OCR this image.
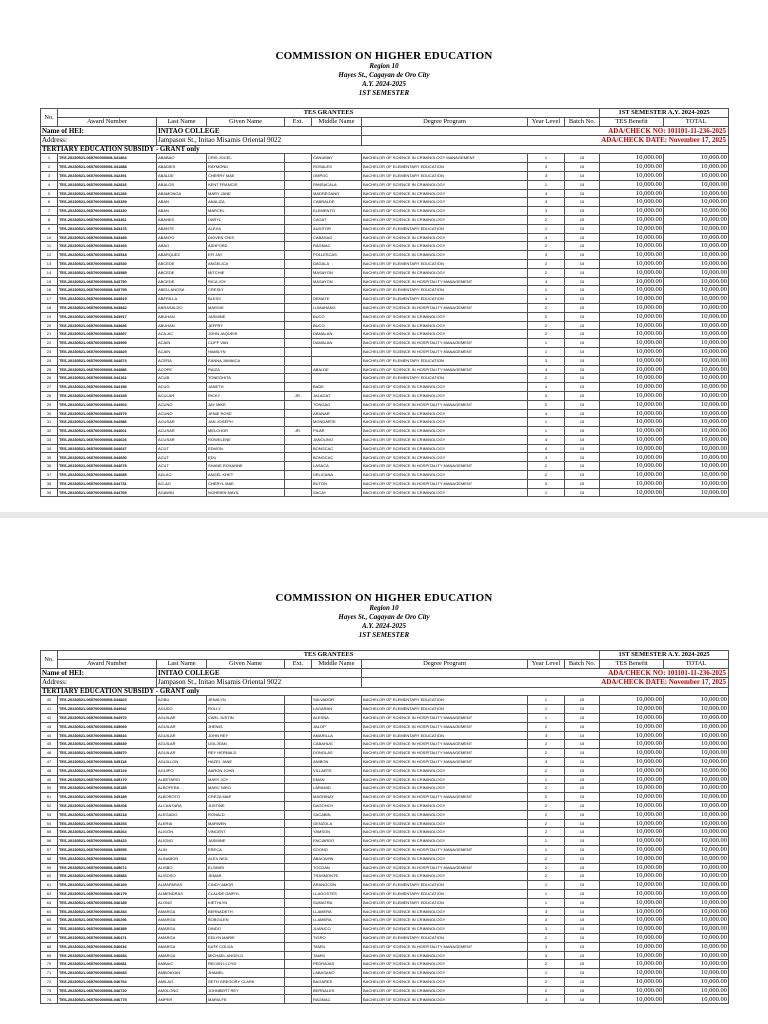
COMMISSION ON HIGHER EDUCATION
Region 10
Hayes St., Cagayan de Oro City
A.Y. 2024-2025
1ST SEMESTER
Name of HEI:		INITAO COLLEGE				ADA/CHECK NO: 101101-11-236-2025				
Address:		Jampason St., Initao Misamis Oriental 9022				ADA/CHECK DATE: November 17, 2025				
TERTIARY EDUCATION SUBSIDY - GRANT only										
No.	TES GRANTEES								1ST SEMESTER A.Y. 2024-2025	
	Award Number	Last Name	Given Name	Ext.	Middle Name	Degree Program	Year Level	Batch No.	TES Benefit	TOTAL
1	TES-20230521-065700000008-041864	ABABAO	CRIS JOCEL		CANUMAY	BACHELOR OF SCIENCE IN CRIMINOLOGY MANAGEMENT	1	15	10,000.00	10,000.00
2	TES-20230521-065700000008-041888	ABADIES	RAYMOND		ROSALES	BACHELOR OF ELEMENTARY EDUCATION	3	15	10,000.00	10,000.00
3	TES-20230521-065700000008-042391	ABALDE	CHERRY MAE		OMPOC	BACHELOR OF ELEMENTARY EDUCATION	3	15	10,000.00	10,000.00
4	TES-20230521-065700000008-042816	ABALOS	KENT FRANCIS		PANSACALA	BACHELOR OF SCIENCE IN CRIMINOLOGY	1	15	10,000.00	10,000.00
5	TES-20230521-065700000008-041283	ABAMONGA	MARY JANE		MADREGANO	BACHELOR OF SCIENCE IN CRIMINOLOGY	4	15	10,000.00	10,000.00
6	TES-20230521-065700000008-043339	ABAN	ANALIZA		CABRALDE	BACHELOR OF SCIENCE IN CRIMINOLOGY	3	15	10,000.00	10,000.00
7	TES-20230521-065700000008-043430	ABAN	MARCEL		ELEMENTO	BACHELOR OF SCIENCE IN CRIMINOLOGY	3	15	10,000.00	10,000.00
8	TES-20230521-065700000008-043461	ABANES	DARYL		CAGAT	BACHELOR OF SCIENCE IN CRIMINOLOGY	2	15	10,000.00	10,000.00
9	TES-20230521-065700000008-043476	ABANTE	ALEXA		AUDITOR	BACHELOR OF ELEMENTARY EDUCATION	1	15	10,000.00	10,000.00
10	TES-20230521-065700000008-043489	ABANTO	DIOVEN CRIS		CABASAG	BACHELOR OF SCIENCE IN CRIMINOLOGY	3	15	10,000.00	10,000.00
11	TES-20230521-065700000008-043493	ABAO	ASHFORD		RAGMAC	BACHELOR OF SCIENCE IN CRIMINOLOGY	2	15	10,000.00	10,000.00
12	TES-20230521-065700000008-043518	ABARQUEZ	EFI JAY		POLLESCAS	BACHELOR OF SCIENCE IN CRIMINOLOGY	3	15	10,000.00	10,000.00
13	TES-20230521-065700000008-043530	ABCEDE	ANGELICA		DAGALA	BACHELOR OF ELEMENTARY EDUCATION	2	15	10,000.00	10,000.00
14	TES-20230521-065700000008-043589	ABCEDE	MITCHIE		MASAYON	BACHELOR OF SCIENCE IN CRIMINOLOGY	2	15	10,000.00	10,000.00
15	TES-20230521-065700000008-043750	ABCEDE	RICA JOY		MASAYON	BACHELOR OF SCIENCE IN HOSPITALITY MANAGEMENT	4	15	10,000.00	10,000.00
16	TES-20230521-065700000008-043795	ABELLANOSA	CRESLY			BACHELOR OF ELEMENTARY EDUCATION	1	15	10,000.00	10,000.00
17	TES-20230521-065700000008-043819	ABERILLA	BLESS		DEMATE	BACHELOR OF ELEMENTARY EDUCATION	4	15	10,000.00	10,000.00
18	TES-20230521-065700000008-043842	ABRASALDO	MARGIE		LUMAHANG	BACHELOR OF SCIENCE IN HOSPITALITY MANAGEMENT	2	15	10,000.00	10,000.00
19	TES-20230521-065700000008-043917	ABUHAN	JASMINE		BUCO	BACHELOR OF SCIENCE IN CRIMINOLOGY	2	15	10,000.00	10,000.00
20	TES-20230521-065700000008-043836	ABUHAN	JEFFRY		BUCO	BACHELOR OF SCIENCE IN CRIMINOLOGY	2	15	10,000.00	10,000.00
21	TES-20230521-065700000008-043897	ACA-AC	JOHN JAQUEHI		DAMALAN	BACHELOR OF SCIENCE IN CRIMINOLOGY	2	15	10,000.00	10,000.00
22	TES-20230521-065700000008-043995	ACAIN	CLIFF VAN		DAMALAN	BACHELOR OF SCIENCE IN HOSPITALITY MANAGEMENT	1	15	10,000.00	10,000.00
23	TES-20230521-065700000008-044825	ACAIN	HAMILYN			BACHELOR OF SCIENCE IN HOSPITALITY MANAGEMENT	1	15	10,000.00	10,000.00
24	TES-20230521-065700000008-044874	ACERA	EANNA JAMAICA			BACHELOR OF ELEMENTARY EDUCATION	3	15	10,000.00	10,000.00
25	TES-20230521-065700000008-044886	ACOPE	RAIZA		ABALDE	BACHELOR OF SCIENCE IN HOSPITALITY MANAGEMENT	4	15	10,000.00	10,000.00
26	TES-20230521-065700000008-044162	ACUB	TONEGHITA			BACHELOR OF ELEMENTARY EDUCATION	2	15	10,000.00	10,000.00
27	TES-20230521-065700000008-044156	ACUG	JANETH		BADE	BACHELOR OF SCIENCE IN CRIMINOLOGY	4	15	10,000.00	10,000.00
28	TES-20230521-065700000008-044345	ACULAN	RICKY	JR.	JALAGAT	BACHELOR OF SCIENCE IN CRIMINOLOGY	3	15	10,000.00	10,000.00
29	TES-20230521-065700000008-044503	ACUNO	JAY MIKE		TONGAO	BACHELOR OF SCIENCE IN HOSPITALITY MANAGEMENT	2	15	10,000.00	10,000.00
30	TES-20230521-065700000008-044579	ACUNO	JENIE ROSE		ARANAR	BACHELOR OF SCIENCE IN CRIMINOLOGY	4	15	10,000.00	10,000.00
31	TES-20230521-065700000008-044586	ACUSAR	JAN JOSEPH		MONDARTE	BACHELOR OF SCIENCE IN CRIMINOLOGY	1	15	10,000.00	10,000.00
32	TES-20230521-065700000008-044601	ACUSAR	MELCHOR	JR.	PILAR	BACHELOR OF SCIENCE IN CRIMINOLOGY	1	15	10,000.00	10,000.00
33	TES-20230521-065700000008-044626	ACUSAR	ROWELENE		JANOLINO	BACHELOR OF SCIENCE IN CRIMINOLOGY	4	15	10,000.00	10,000.00
34	TES-20230521-065700000008-044647	ACUT	EDMON		BONGCAC	BACHELOR OF SCIENCE IN CRIMINOLOGY	4	15	10,000.00	10,000.00
35	TES-20230521-065700000008-044650	ACUT	EDU		BONGCAC	BACHELOR OF SCIENCE IN CRIMINOLOGY	3	15	10,000.00	10,000.00
36	TES-20230521-065700000008-044678	ACUT	SHANE ROXANNE		LASACA	BACHELOR OF SCIENCE IN HOSPITALITY MANAGEMENT	2	15	10,000.00	10,000.00
37	TES-20230521-065700000008-044685	ADLAO	ANGEL KHET		DELICANA	BACHELOR OF SCIENCE IN CRIMINOLOGY	2	15	10,000.00	10,000.00
38	TES-20230521-065700000008-044731	AG-AG	CHERYL MAE		BUTON	BACHELOR OF SCIENCE IN HOSPITALITY MANAGEMENT	3	15	10,000.00	10,000.00
39	TES-20230521-065700000008-044765	AGAWIN	NOHRIEN MAYIL		SACAY	BACHELOR OF SCIENCE IN CRIMINOLOGY	1	15	10,000.00	10,000.00
COMMISSION ON HIGHER EDUCATION
Region 10
Hayes St., Cagayan de Oro City
A.Y. 2024-2025
1ST SEMESTER
Name of HEI:		INITAO COLLEGE				ADA/CHECK NO: 101101-11-236-2025				
Address:		Jampason St., Initao Misamis Oriental 9022				ADA/CHECK DATE: November 17, 2025				
TERTIARY EDUCATION SUBSIDY - GRANT only										
No.	TES GRANTEES								1ST SEMESTER A.Y. 2024-2025	
	Award Number	Last Name	Given Name	Ext.	Middle Name	Degree Program	Year Level	Batch No.	TES Benefit	TOTAL
40	TES-20230521-065700000008-044823	AGBU	JENALYN		SALVADOR	BACHELOR OF ELEMENTARY EDUCATION	1	15	10,000.00	10,000.00
41	TES-20230521-065700000008-044942	AGUDO	ROLLY		LAGARAN	BACHELOR OF ELEMENTARY EDUCATION	1	15	10,000.00	10,000.00
42	TES-20230521-065700000008-044970	AGUILAR	CARL JUSTIN		ALESNA	BACHELOR OF SCIENCE IN HOSPITALITY MANAGEMENT	1	15	10,000.00	10,000.00
43	TES-20230521-065700000008-045069	AGUILAR	JHENEL		JALOP	BACHELOR OF SCIENCE IN HOSPITALITY MANAGEMENT	2	15	10,000.00	10,000.00
44	TES-20230521-065700000008-045816	AGUILAR	JOHN REY		AMARILLA	BACHELOR OF ELEMENTARY EDUCATION	3	15	10,000.00	10,000.00
45	TES-20230521-065700000008-045839	AGUILAR	LEA JEAN		CABAHUG	BACHELOR OF SCIENCE IN HOSPITALITY MANAGEMENT	2	15	10,000.00	10,000.00
46	TES-20230521-065700000008-045870	AGUILAR	REY HERNALD		DONGLAS	BACHELOR OF SCIENCE IN HOSPITALITY MANAGEMENT	2	15	10,000.00	10,000.00
47	TES-20230521-065700000008-045118	AGUILLON	HAZEL JANE		ANIBON	BACHELOR OF SCIENCE IN HOSPITALITY MANAGEMENT	3	15	10,000.00	10,000.00
48	TES-20230521-065700000008-045129	AGUIPO	AARON JOHN		VILLARTE	BACHELOR OF SCIENCE IN CRIMINOLOGY	2	15	10,000.00	10,000.00
49	TES-20230521-065700000008-045170	ALBETARIO	MARY JOY		EMAN	BACHELOR OF SCIENCE IN CRIMINOLOGY	1	15	10,000.00	10,000.00
50	TES-20230521-065700000008-045185	ALBOFERA	MARC NIRO		LARAMID	BACHELOR OF SCIENCE IN CRIMINOLOGY	2	15	10,000.00	10,000.00
51	TES-20230521-065700000008-045189	ALBOROTO	CREZA MAE		MAGHINAY	BACHELOR OF SCIENCE IN HOSPITALITY MANAGEMENT	2	15	10,000.00	10,000.00
52	TES-20230521-065700000008-045208	ALCANTARA	JUSTINE		DAGOHOY	BACHELOR OF SCIENCE IN CRIMINOLOGY	2	15	10,000.00	10,000.00
53	TES-20230521-065700000008-045218	ALEGADO	RONALD		SACABIN	BACHELOR OF SCIENCE IN CRIMINOLOGY	2	15	10,000.00	10,000.00
54	TES-20230521-065700000008-045253	ALERIA	MARWEN		GENZOLA	BACHELOR OF SCIENCE IN CRIMINOLOGY	2	15	10,000.00	10,000.00
55	TES-20230521-065700000008-045264	ALIGON	VINCENT		YAMSON	BACHELOR OF SCIENCE IN CRIMINOLOGY	2	15	10,000.00	10,000.00
56	TES-20230521-065700000008-045423	ALIGNO	JASMINE		ENCIARDO	BACHELOR OF SCIENCE IN CRIMINOLOGY	1	15	10,000.00	10,000.00
57	TES-20230521-065700000008-045555	ALIN	ERECA		SOONG	BACHELOR OF SCIENCE IN HOSPITALITY MANAGEMENT	1	15	10,000.00	10,000.00
58	TES-20230521-065700000008-045583	ALINABON	ALEX NEIL		ABACAHIN	BACHELOR OF SCIENCE IN CRIMINOLOGY	2	15	10,000.00	10,000.00
59	TES-20230521-065700000008-045672	ALISBO	ELSMIRI		TOCDAN	BACHELOR OF SCIENCE IN HOSPITALITY MANAGEMENT	2	15	10,000.00	10,000.00
60	TES-20230521-065700000008-045883	ALISOSO	JEMAR		TRASMONTE	BACHELOR OF SCIENCE IN CRIMINOLOGY	2	15	10,000.00	10,000.00
61	TES-20230521-065700000008-046169	ALMAPARAS	CINDY AMOR		ARANGCON	BACHELOR OF ELEMENTARY EDUCATION	1	15	10,000.00	10,000.00
62	TES-20230521-065700000008-046179	ALMENDRAS	CLAUDE DAIRYL		LLAGOSTES	BACHELOR OF ELEMENTARY EDUCATION	1	15	10,000.00	10,000.00
63	TES-20230521-065700000008-046189	ALONG	KIETHLYN		SUMATRA	BACHELOR OF ELEMENTARY EDUCATION	1	15	10,000.00	10,000.00
64	TES-20230521-065700000008-046284	AMARGA	BERNADETH		LLAMERA	BACHELOR OF SCIENCE IN CRIMINOLOGY	3	15	10,000.00	10,000.00
65	TES-20230521-065700000008-046296	AMARGA	BOBGILEN		LLAMERA	BACHELOR OF SCIENCE IN CRIMINOLOGY	3	15	10,000.00	10,000.00
66	TES-20230521-065700000008-046389	AMARGA	DINDO		JUANICO	BACHELOR OF SCIENCE IN CRIMINOLOGY	3	15	10,000.00	10,000.00
67	TES-20230521-065700000008-046471	AMARGA	EDLYN MARIE		TIGRO	BACHELOR OF ELEMENTARY EDUCATION	2	15	10,000.00	10,000.00
68	TES-20230521-065700000008-046616	AMARGA	KATE COLDA		TAMSI	BACHELOR OF SCIENCE IN HOSPITALITY MANAGEMENT	3	15	10,000.00	10,000.00
69	TES-20230521-065700000008-046684	AMARGA	MICHAEL ANGELO		TAMSI	BACHELOR OF SCIENCE IN CRIMINOLOGY	3	15	10,000.00	10,000.00
70	TES-20230521-065700000008-046881	AMBAIC	RELVIN LLOYD		PEDRAJAS	BACHELOR OF SCIENCE IN CRIMINOLOGY	2	15	10,000.00	10,000.00
71	TES-20230521-065700000008-046683	AMBOAYAN	JHAMEL		LABASANO	BACHELOR OF SCIENCE IN CRIMINOLOGY	1	15	10,000.00	10,000.00
72	TES-20230521-065700000008-046764	AMILAO	SETH GREGORY CLARK		BAGARES	BACHELOR OF SCIENCE IN CRIMINOLOGY	2	15	10,000.00	10,000.00
73	TES-20230521-065700000008-046720	AMOLONG	JOHNBERT REY		BERNALES	BACHELOR OF SCIENCE IN CRIMINOLOGY	2	15	10,000.00	10,000.00
74	TES-20230521-065700000008-046775	AMPER	MARIA FE		RAGMAC	BACHELOR OF SCIENCE IN CRIMINOLOGY	3	15	10,000.00	10,000.00
